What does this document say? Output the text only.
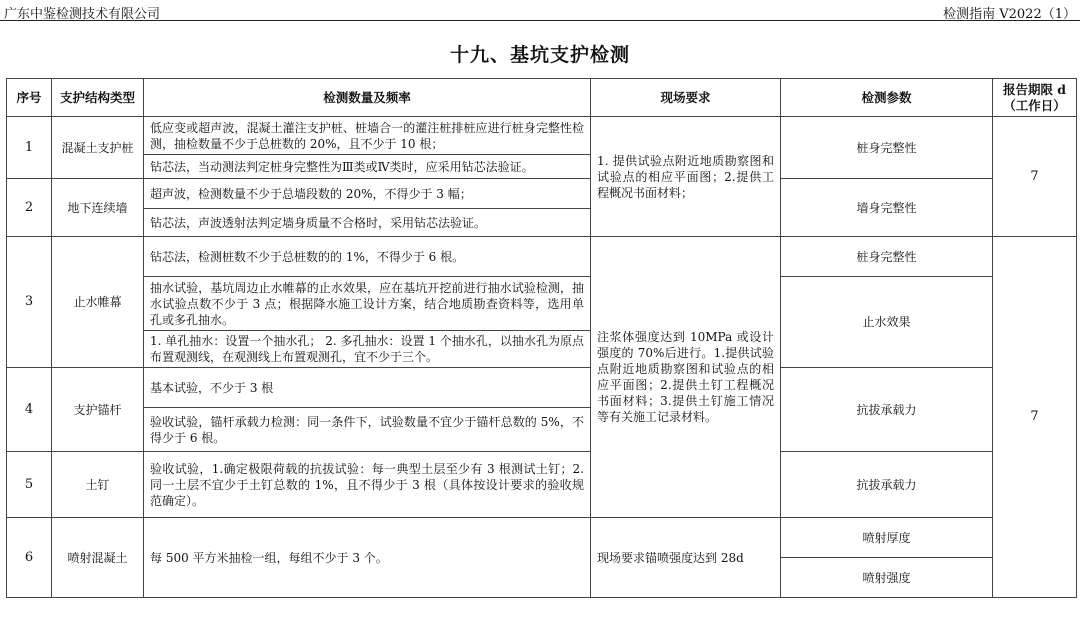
广东中鉴检测技术有限公司	检测指南 V2022（1）
十九、基坑支护检测
序号	支护结构类型	检测数量及频率	现场要求	检测参数	报告期限 d（工作日）
1	混凝土支护桩	低应变或超声波，混凝土灌注支护桩、桩墙合一的灌注桩排桩应进行桩身完整性检测，抽检数量不少于总桩数的 20%，且不少于 10 根；	1. 提供试验点附近地质勘察图和 试验点的相应平面图；2.提供工程概况书面材料；	桩身完整性	7
		钻芯法，当动测法判定桩身完整性为Ⅲ类或Ⅳ类时，应采用钻芯法验证。			
2	地下连续墙	超声波，检测数量不少于总墙段数的 20%，不得少于 3 幅；		墙身完整性	
		钻芯法，声波透射法判定墙身质量不合格时，采用钻芯法验证。			
3	止水帷幕	钻芯法，检测桩数不少于总桩数的的 1%，不得少于 6 根。	注浆体强度达到 10MPa 或设计强度的 70%后进行。1.提供试验点附近地质勘察图和试验点的相应平面图；2.提供土钉工程概况书面材料；3.提供土钉施工情况等有关施工记录材料。	桩身完整性	7
		抽水试验，基坑周边止水帷幕的止水效果，应在基坑开挖前进行抽水试验检测，抽水试验点数不少于 3 点；根据降水施工设计方案，结合地质勘查资料等，选用单孔或多孔抽水。		止水效果	
		1. 单孔抽水：设置一个抽水孔； 2. 多孔抽水：设置 1 个抽水孔，以抽水孔为原点布置观测线，在观测线上布置观测孔，宜不少于三个。			
4	支护锚杆	基本试验，不少于 3 根		抗拔承载力	
		验收试验，锚杆承载力检测：同一条件下，试验数量不宜少于锚杆总数的 5%，不得少于 6 根。			
5	土钉	验收试验，1.确定极限荷载的抗拔试验：每一典型土层至少有 3 根测试土钉；2.同一土层不宜少于土钉总数的 1%，且不得少于 3 根（具体按设计要求的验收规范确定）。		抗拔承载力	
6	喷射混凝土	每 500 平方米抽检一组，每组不少于 3 个。	现场要求锚喷强度达到 28d	喷射厚度	
				喷射强度	
